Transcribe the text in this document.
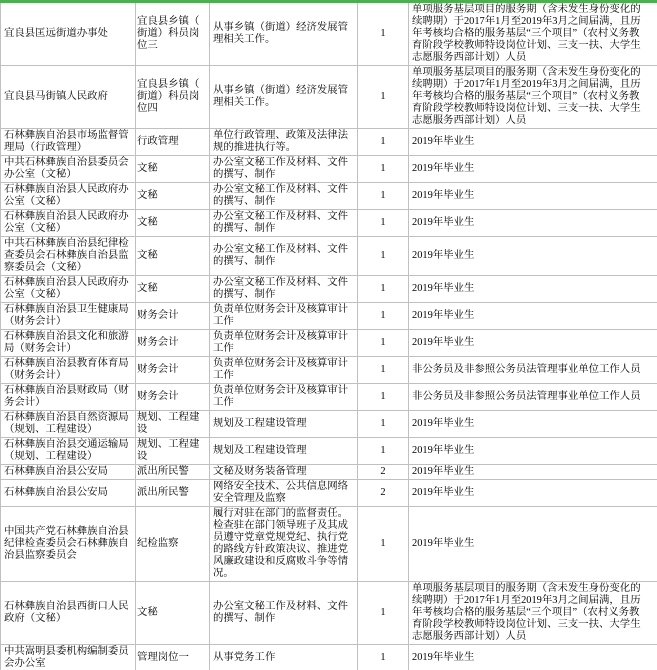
宜良县匡远街道办事处	宜良县乡镇（街道）科员岗位三	从事乡镇（街道）经济发展管理相关工作。	1	单项服务基层项目的服务期（含未发生身份变化的续聘期）于2017年1月至2019年3月之间届满，且历年考核均合格的服务基层“三个项目”（农村义务教育阶段学校教师特设岗位计划、三支一扶、大学生志愿服务西部计划）人员
宜良县马街镇人民政府	宜良县乡镇（街道）科员岗位四	从事乡镇（街道）经济发展管理相关工作。	1	单项服务基层项目的服务期（含未发生身份变化的续聘期）于2017年1月至2019年3月之间届满，且历年考核均合格的服务基层“三个项目”（农村义务教育阶段学校教师特设岗位计划、三支一扶、大学生志愿服务西部计划）人员
石林彝族自治县市场监督管理局（行政管理）	行政管理	单位行政管理、政策及法律法规的推进执行等。	1	2019年毕业生
中共石林彝族自治县委员会办公室（文秘）	文秘	办公室文秘工作及材料、文件的撰写、制作	1	2019年毕业生
石林彝族自治县人民政府办公室（文秘）	文秘	办公室文秘工作及材料、文件的撰写、制作	1	2019年毕业生
石林彝族自治县人民政府办公室（文秘）	文秘	办公室文秘工作及材料、文件的撰写、制作	1	2019年毕业生
中共石林彝族自治县纪律检查委员会石林彝族自治县监察委员会（文秘）	文秘	办公室文秘工作及材料、文件的撰写、制作	1	2019年毕业生
石林彝族自治县人民政府办公室（文秘）	文秘	办公室文秘工作及材料、文件的撰写、制作	1	2019年毕业生
石林彝族自治县卫生健康局（财务会计）	财务会计	负责单位财务会计及核算审计工作	1	2019年毕业生
石林彝族自治县文化和旅游局（财务会计）	财务会计	负责单位财务会计及核算审计工作	1	2019年毕业生
石林彝族自治县教育体育局（财务会计）	财务会计	负责单位财务会计及核算审计工作	1	非公务员及非参照公务员法管理事业单位工作人员
石林彝族自治县财政局（财务会计）	财务会计	负责单位财务会计及核算审计工作	1	非公务员及非参照公务员法管理事业单位工作人员
石林彝族自治县自然资源局（规划、工程建设）	规划、工程建设	规划及工程建设管理	1	2019年毕业生
石林彝族自治县交通运输局（规划、工程建设）	规划、工程建设	规划及工程建设管理	1	2019年毕业生
石林彝族自治县公安局	派出所民警	文秘及财务装备管理	2	2019年毕业生
石林彝族自治县公安局	派出所民警	网络安全技术、公共信息网络安全管理及监察	2	2019年毕业生
中国共产党石林彝族自治县纪律检查委员会石林彝族自治县监察委员会	纪检监察	履行对驻在部门的监督责任。检查驻在部门领导班子及其成员遵守党章党规党纪、执行党的路线方针政策决议、推进党风廉政建设和反腐败斗争等情况。	1	2019年毕业生
石林彝族自治县西街口人民政府（文秘）	文秘	办公室文秘工作及材料、文件的撰写、制作	1	单项服务基层项目的服务期（含未发生身份变化的续聘期）于2017年1月至2019年3月之间届满，且历年考核均合格的服务基层“三个项目”（农村义务教育阶段学校教师特设岗位计划、三支一扶、大学生志愿服务西部计划）人员
中共嵩明县委机构编制委员会办公室	管理岗位一	从事党务工作	1	2019年毕业生
